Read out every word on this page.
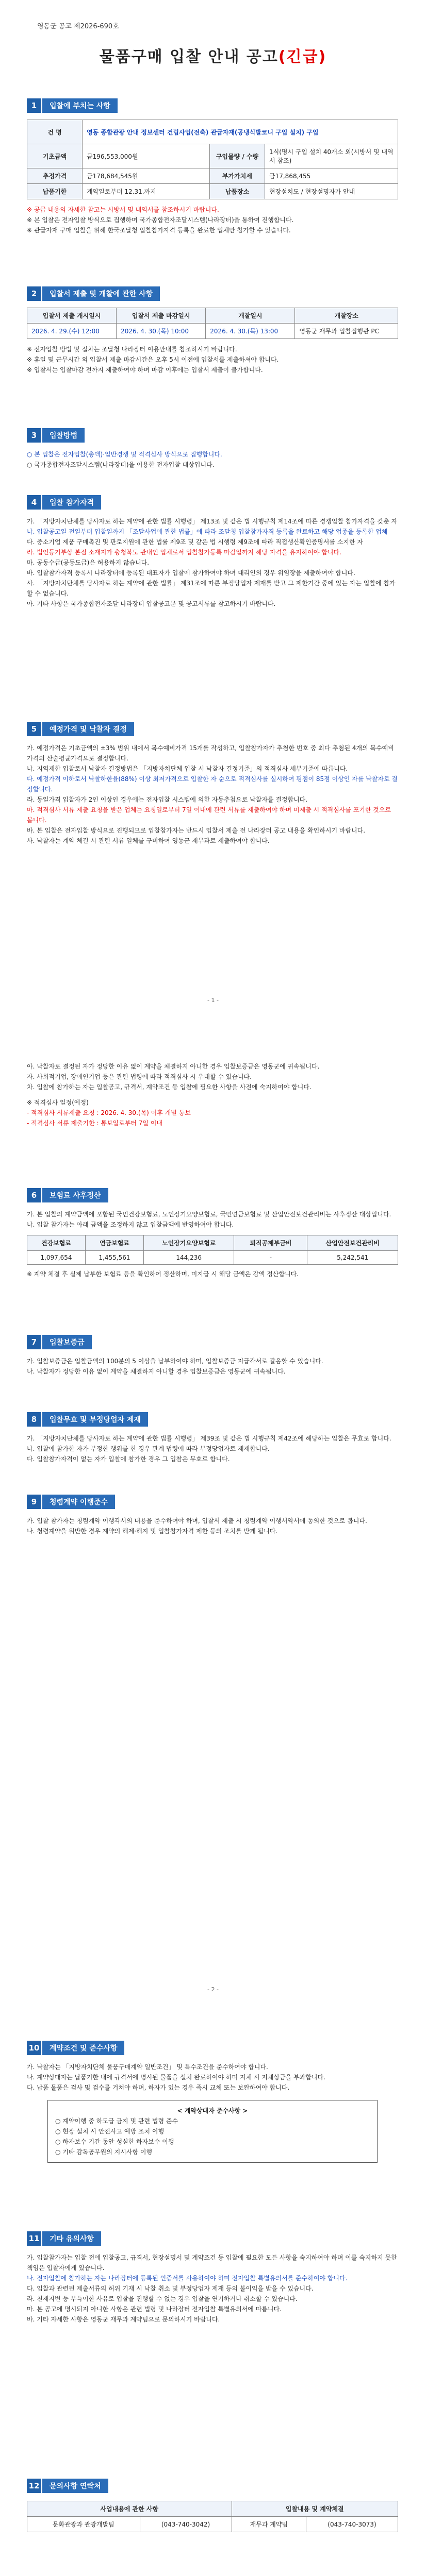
영동군 공고 제2026-690호
물품구매 입찰 안내 공고(긴급)
1	입찰에 부치는 사항
건 명	영동 종합관광 안내 정보센터 건립사업(전축) 관급자재(공냉식발코니 구입 설치) 구입		
기초금액	금196,553,000원	구입물량 / 수량	1식(명시 구입 설치 40개소 외(시방서 및 내역서 참조)
추정가격	금178,684,545원	부가가치세	금17,868,455
납품기한	계약일로부터 12.31.까지	납품장소	현장설치도 / 현장설명자가 안내

※ 공급 내용의 자세한 참고는 시방서 및 내역서를 참조하시기 바랍니다.

※ 본 입찰은 전자입찰 방식으로 집행하며 국가종합전자조달시스템(나라장터)을 통하여 진행합니다.

※ 관급자재 구매 입찰을 위해 한국조달청 입찰참가자격 등록을 완료한 업체만 참가할 수 있습니다.

2	입찰서 제출 및 개찰에 관한 사항
입찰서 제출 개시일시	입찰서 제출 마감일시	개찰일시	개찰장소
2026. 4. 29.(수) 12:00	2026. 4. 30.(목) 10:00	2026. 4. 30.(목) 13:00	영동군 재무과 입찰집행관 PC

※ 전자입찰 방법 및 절차는 조달청 나라장터 이용안내를 참조하시기 바랍니다.

※ 휴일 및 근무시간 외 입찰서 제출 마감시간은 오후 5시 이전에 입찰서를 제출하셔야 합니다.

※ 입찰서는 입찰마감 전까지 제출하여야 하며 마감 이후에는 입찰서 제출이 불가합니다.

3	입찰방법

○ 본 입찰은 전자입찰(총액)·일반경쟁 및 적격심사 방식으로 집행합니다.

○ 국가종합전자조달시스템(나라장터)을 이용한 전자입찰 대상입니다.

4	입찰 참가자격

가. 「지방자치단체를 당사자로 하는 계약에 관한 법률 시행령」 제13조 및 같은 법 시행규칙 제14조에 따른 경쟁입찰 참가자격을 갖춘 자

나. 입찰공고일 전일부터 입찰일까지 「조달사업에 관한 법률」에 따라 조달청 입찰참가자격 등록을 완료하고 해당 업종을 등록한 업체

다. 중소기업 제품 구매촉진 및 판로지원에 관한 법률 제9조 및 같은 법 시행령 제9조에 따라 직접생산확인증명서를 소지한 자

라. 법인등기부상 본점 소재지가 충청북도 관내인 업체로서 입찰참가등록 마감일까지 해당 자격을 유지하여야 합니다.

마. 공동수급(공동도급)은 허용하지 않습니다.

바. 입찰참가자격 등록시 나라장터에 등록된 대표자가 입찰에 참가하여야 하며 대리인의 경우 위임장을 제출하여야 합니다.

사. 「지방자치단체를 당사자로 하는 계약에 관한 법률」 제31조에 따른 부정당업자 제재를 받고 그 제한기간 중에 있는 자는 입찰에 참가할 수 없습니다.

아. 기타 사항은 국가종합전자조달 나라장터 입찰공고문 및 공고서류를 참고하시기 바랍니다.

5	예정가격 및 낙찰자 결정

가. 예정가격은 기초금액의 ±3% 범위 내에서 복수예비가격 15개를 작성하고, 입찰참가자가 추첨한 번호 중 최다 추첨된 4개의 복수예비가격의 산술평균가격으로 결정합니다.

나. 지역제한 입찰로서 낙찰자 결정방법은 「지방자치단체 입찰 시 낙찰자 결정기준」의 적격심사 세부기준에 따릅니다.

다. 예정가격 이하로서 낙찰하한율(88%) 이상 최저가격으로 입찰한 자 순으로 적격심사를 실시하여 평점이 85점 이상인 자를 낙찰자로 결정합니다.

라. 동일가격 입찰자가 2인 이상인 경우에는 전자입찰 시스템에 의한 자동추첨으로 낙찰자를 결정합니다.

마. 적격심사 서류 제출 요청을 받은 업체는 요청일로부터 7일 이내에 관련 서류를 제출하여야 하며 미제출 시 적격심사를 포기한 것으로 봅니다.

바. 본 입찰은 전자입찰 방식으로 진행되므로 입찰참가자는 반드시 입찰서 제출 전 나라장터 공고 내용을 확인하시기 바랍니다.

사. 낙찰자는 계약 체결 시 관련 서류 일체를 구비하여 영동군 재무과로 제출하여야 합니다.

- 1 -

아. 낙찰자로 결정된 자가 정당한 이유 없이 계약을 체결하지 아니한 경우 입찰보증금은 영동군에 귀속됩니다.

자. 사회적기업, 장애인기업 등은 관련 법령에 따라 적격심사 시 우대할 수 있습니다.

차. 입찰에 참가하는 자는 입찰공고, 규격서, 계약조건 등 입찰에 필요한 사항을 사전에 숙지하여야 합니다.

※ 적격심사 일정(예정)

- 적격심사 서류제출 요청 : 2026. 4. 30.(목) 이후 개별 통보

- 적격심사 서류 제출기한 : 통보일로부터 7일 이내

6	보험료 사후정산

가. 본 입찰의 계약금액에 포함된 국민건강보험료, 노인장기요양보험료, 국민연금보험료 및 산업안전보건관리비는 사후정산 대상입니다.

나. 입찰 참가자는 아래 금액을 조정하지 않고 입찰금액에 반영하여야 합니다.

건강보험료	연금보험료	노인장기요양보험료	퇴직공제부금비	산업안전보건관리비
1,097,654	1,455,561	144,236	-	5,242,541

※ 계약 체결 후 실제 납부한 보험료 등을 확인하여 정산하며, 미지급 시 해당 금액은 감액 정산합니다.

7	입찰보증금

가. 입찰보증금은 입찰금액의 100분의 5 이상을 납부하여야 하며, 입찰보증금 지급각서로 갈음할 수 있습니다.

나. 낙찰자가 정당한 이유 없이 계약을 체결하지 아니할 경우 입찰보증금은 영동군에 귀속됩니다.

8	입찰무효 및 부정당업자 제재

가. 「지방자치단체를 당사자로 하는 계약에 관한 법률 시행령」 제39조 및 같은 법 시행규칙 제42조에 해당하는 입찰은 무효로 합니다.

나. 입찰에 참가한 자가 부정한 행위를 한 경우 관계 법령에 따라 부정당업자로 제재합니다.

다. 입찰참가자격이 없는 자가 입찰에 참가한 경우 그 입찰은 무효로 합니다.

9	청렴계약 이행준수

가. 입찰 참가자는 청렴계약 이행각서의 내용을 준수하여야 하며, 입찰서 제출 시 청렴계약 이행서약서에 동의한 것으로 봅니다.

나. 청렴계약을 위반한 경우 계약의 해제·해지 및 입찰참가자격 제한 등의 조치를 받게 됩니다.

- 2 -
10	계약조건 및 준수사항

가. 낙찰자는 「지방자치단체 물품구매계약 일반조건」 및 특수조건을 준수하여야 합니다.

나. 계약상대자는 납품기한 내에 규격서에 명시된 물품을 설치 완료하여야 하며 지체 시 지체상금을 부과합니다.

다. 납품 물품은 검사 및 검수를 거쳐야 하며, 하자가 있는 경우 즉시 교체 또는 보완하여야 합니다.

< 계약상대자 준수사항 >

○ 계약이행 중 하도급 금지 및 관련 법령 준수

○ 현장 설치 시 안전사고 예방 조치 이행

○ 하자보수 기간 동안 성실한 하자보수 이행

○ 기타 감독공무원의 지시사항 이행

11	기타 유의사항

가. 입찰참가자는 입찰 전에 입찰공고, 규격서, 현장설명서 및 계약조건 등 입찰에 필요한 모든 사항을 숙지하여야 하며 이를 숙지하지 못한 책임은 입찰자에게 있습니다.

나. 전자입찰에 참가하는 자는 나라장터에 등록된 인증서를 사용하여야 하며 전자입찰 특별유의서를 준수하여야 합니다.

다. 입찰과 관련된 제출서류의 허위 기재 시 낙찰 취소 및 부정당업자 제재 등의 불이익을 받을 수 있습니다.

라. 천재지변 등 부득이한 사유로 입찰을 진행할 수 없는 경우 입찰을 연기하거나 취소할 수 있습니다.

마. 본 공고에 명시되지 아니한 사항은 관련 법령 및 나라장터 전자입찰 특별유의서에 따릅니다.

바. 기타 자세한 사항은 영동군 재무과 계약팀으로 문의하시기 바랍니다.

12	문의사항 연락처
사업내용에 관한 사항		입찰내용 및 계약체결	
문화관광과 관광개발팀	(043-740-3042)	재무과 계약팀	(043-740-3073)
